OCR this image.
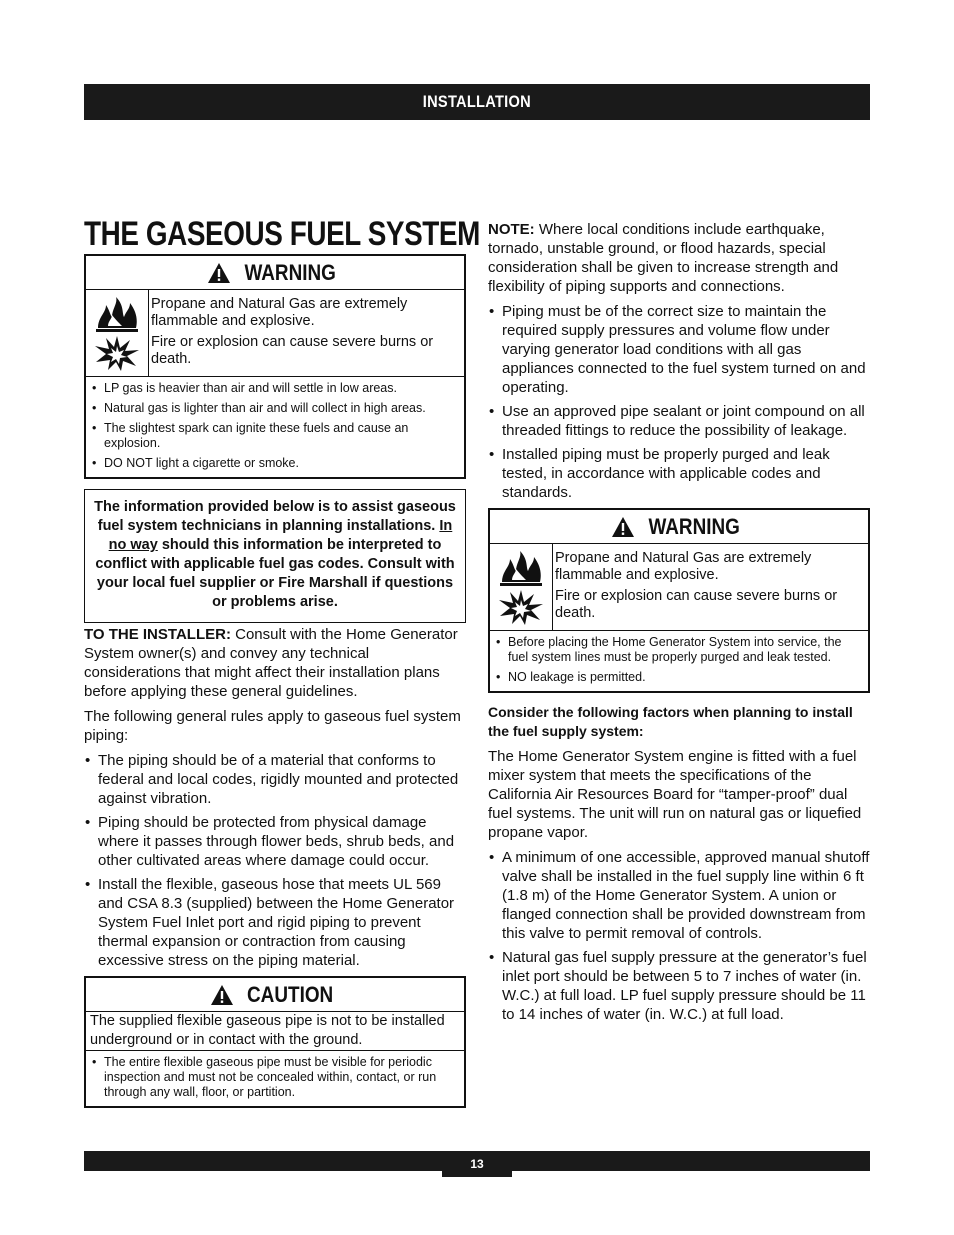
INSTALLATION
THE GASEOUS FUEL SYSTEM
WARNING

Propane and Natural Gas are extremely flammable and explosive.

Fire or explosion can cause severe burns or death.

• LP gas is heavier than air and will settle in low areas.
• Natural gas is lighter than air and will collect in high areas.
• The slightest spark can ignite these fuels and cause an explosion.
• DO NOT light a cigarette or smoke.
The information provided below is to assist gaseous fuel system technicians in planning installations. In no way should this information be interpreted to conflict with applicable fuel gas codes. Consult with your local fuel supplier or Fire Marshall if questions or problems arise.

TO THE INSTALLER: Consult with the Home Generator System owner(s) and convey any technical considerations that might affect their installation plans before applying these general guidelines.

The following general rules apply to gaseous fuel system piping:

• The piping should be of a material that conforms to federal and local codes, rigidly mounted and protected against vibration.
• Piping should be protected from physical damage where it passes through flower beds, shrub beds, and other cultivated areas where damage could occur.
• Install the flexible, gaseous hose that meets UL 569 and CSA 8.3 (supplied) between the Home Generator System Fuel Inlet port and rigid piping to prevent thermal expansion or contraction from causing excessive stress on the piping material.
CAUTION
The supplied flexible gaseous pipe is not to be installed underground or in contact with the ground.
• The entire flexible gaseous pipe must be visible for periodic inspection and must not be concealed within, contact, or run through any wall, floor, or partition.

NOTE: Where local conditions include earthquake, tornado, unstable ground, or flood hazards, special consideration shall be given to increase strength and flexibility of piping supports and connections.

• Piping must be of the correct size to maintain the required supply pressures and volume flow under varying generator load conditions with all gas appliances connected to the fuel system turned on and operating.
• Use an approved pipe sealant or joint compound on all threaded fittings to reduce the possibility of leakage.
• Installed piping must be properly purged and leak tested, in accordance with applicable codes and standards.
WARNING

Propane and Natural Gas are extremely flammable and explosive.

Fire or explosion can cause severe burns or death.

• Before placing the Home Generator System into service, the fuel system lines must be properly purged and leak tested.
• NO leakage is permitted.

Consider the following factors when planning to install the fuel supply system:

The Home Generator System engine is fitted with a fuel mixer system that meets the specifications of the California Air Resources Board for “tamper-proof” dual fuel systems. The unit will run on natural gas or liquefied propane vapor.

• A minimum of one accessible, approved manual shutoff valve shall be installed in the fuel supply line within 6 ft (1.8 m) of the Home Generator System. A union or flanged connection shall be provided downstream from this valve to permit removal of controls.
• Natural gas fuel supply pressure at the generator’s fuel inlet port should be between 5 to 7 inches of water (in. W.C.) at full load. LP fuel supply pressure should be 11 to 14 inches of water (in. W.C.) at full load.
13
